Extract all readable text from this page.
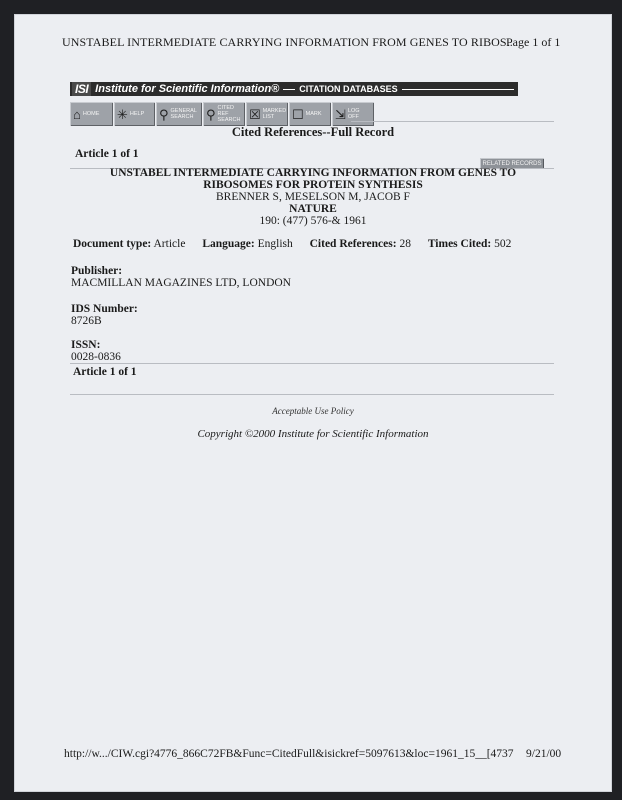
UNSTABEL INTERMEDIATE CARRYING INFORMATION FROM GENES TO RIBOS..
Page 1 of 1
ISI Institute for Scientific Information® CITATION DATABASES
⌂ HOME ✳ HELP ⚲ GENERAL SEARCH ⚲ CITED REF SEARCH ☒ MARKED LIST	☐ MARK ⇲ LOG OFF
Cited References--Full Record
Article 1 of 1
RELATED RECORDS
UNSTABEL INTERMEDIATE CARRYING INFORMATION FROM GENES TO
RIBOSOMES FOR PROTEIN SYNTHESIS
BRENNER S, MESELSON M, JACOB F
NATURE
190: (477) 576-& 1961
Document type: Article Language: English Cited References: 28 Times Cited: 502
Publisher:
MACMILLAN MAGAZINES LTD, LONDON
IDS Number:
8726B
ISSN:
0028-0836
Article 1 of 1
Acceptable Use Policy
Copyright ©2000 Institute for Scientific Information
http://w.../CIW.cgi?4776_866C72FB&Func=CitedFull&isickref=5097613&loc=1961_15__[4737 9/21/00
